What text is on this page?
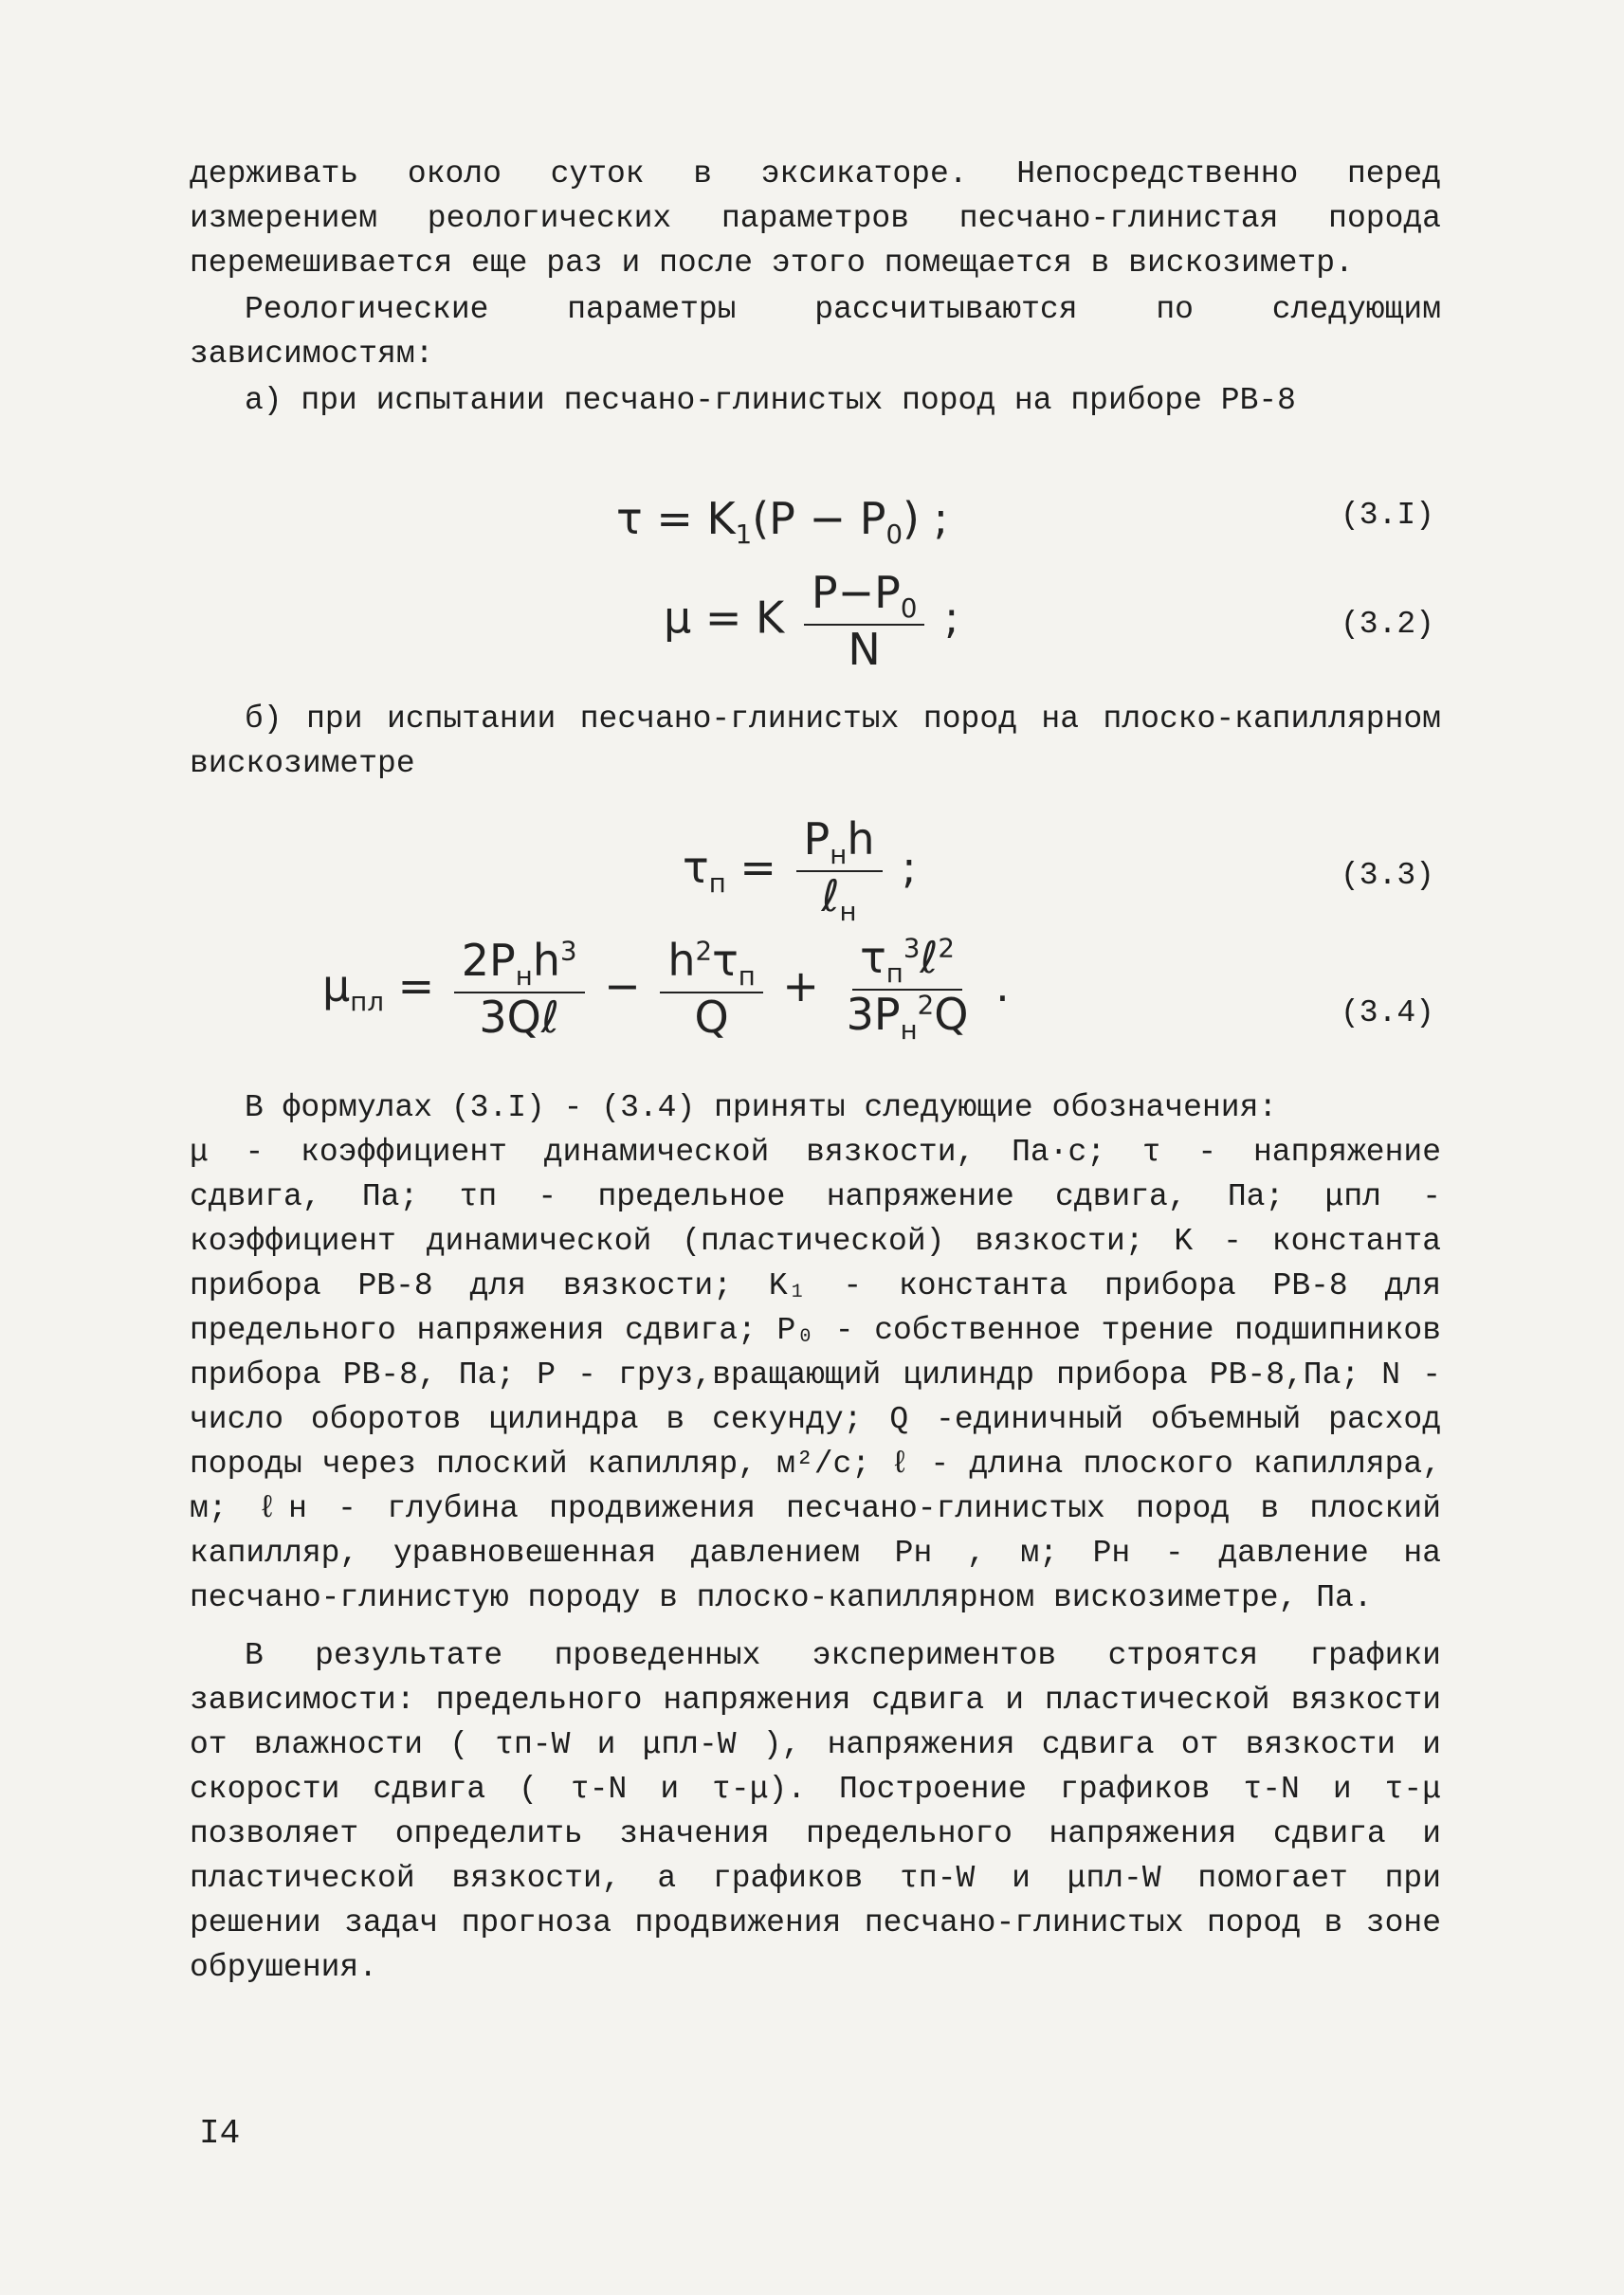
держивать около суток в эксикаторе. Непосредственно перед измерением реологических параметров песчано-глинистая порода перемешивается еще раз и после этого помещается в вискозиметр.

Реологические параметры рассчитываются по следующим зависимостям:

а) при испытании песчано-глинистых пород на приборе РВ-8

$\tau = K_1(P - P_0)$ ;	(3.I)
μ = K $\frac{P-P_0}{N}$ ;	(3.2)

б) при испытании песчано-глинистых пород на плоско-капиллярном вискозиметре

$\tau_п = \frac{P_нh}{\ell_н}$ ;	(3.3)
$\mu_{пл} = \frac{2P_нh^3}{\text{3Qℓ}} - \frac{h^2\tau_п}{Q} + \frac{\tau_п^3\ell^2}{3P_н^2Q}$ .
(3.4)

В формулах (3.I) - (3.4) приняты следующие обозначения:

μ - коэффициент динамической вязкости, Па·с; τ - напряжение сдвига, Па; τп - предельное напряжение сдвига, Па; μпл - коэффициент динамической (пластической) вязкости; K - константа прибора РВ-8 для вязкости; K₁ - константа прибора РВ-8 для предельного напряжения сдвига; P₀ - собственное трение подшипников прибора РВ-8, Па; P - груз,вращающий цилиндр прибора РВ-8,Па; N - число оборотов цилиндра в секунду; Q -единичный объемный расход породы через плоский капилляр, м²/с; ℓ - длина плоского капилляра, м; ℓн - глубина продвижения песчано-глинистых пород в плоский капилляр, уравновешенная давлением Pн , м; Pн - давление на песчано-глинистую породу в плоско-капиллярном вискозиметре, Па.

В результате проведенных экспериментов строятся графики зависимости: предельного напряжения сдвига и пластической вязкости от влажности ( τп-W и μпл-W ), напряжения сдвига от вязкости и скорости сдвига ( τ-N и τ-μ). Построение графиков τ-N и τ-μ позволяет определить значения предельного напряжения сдвига и пластической вязкости, а графиков τп-W и μпл-W помогает при решении задач прогноза продвижения песчано-глинистых пород в зоне обрушения.

I4
